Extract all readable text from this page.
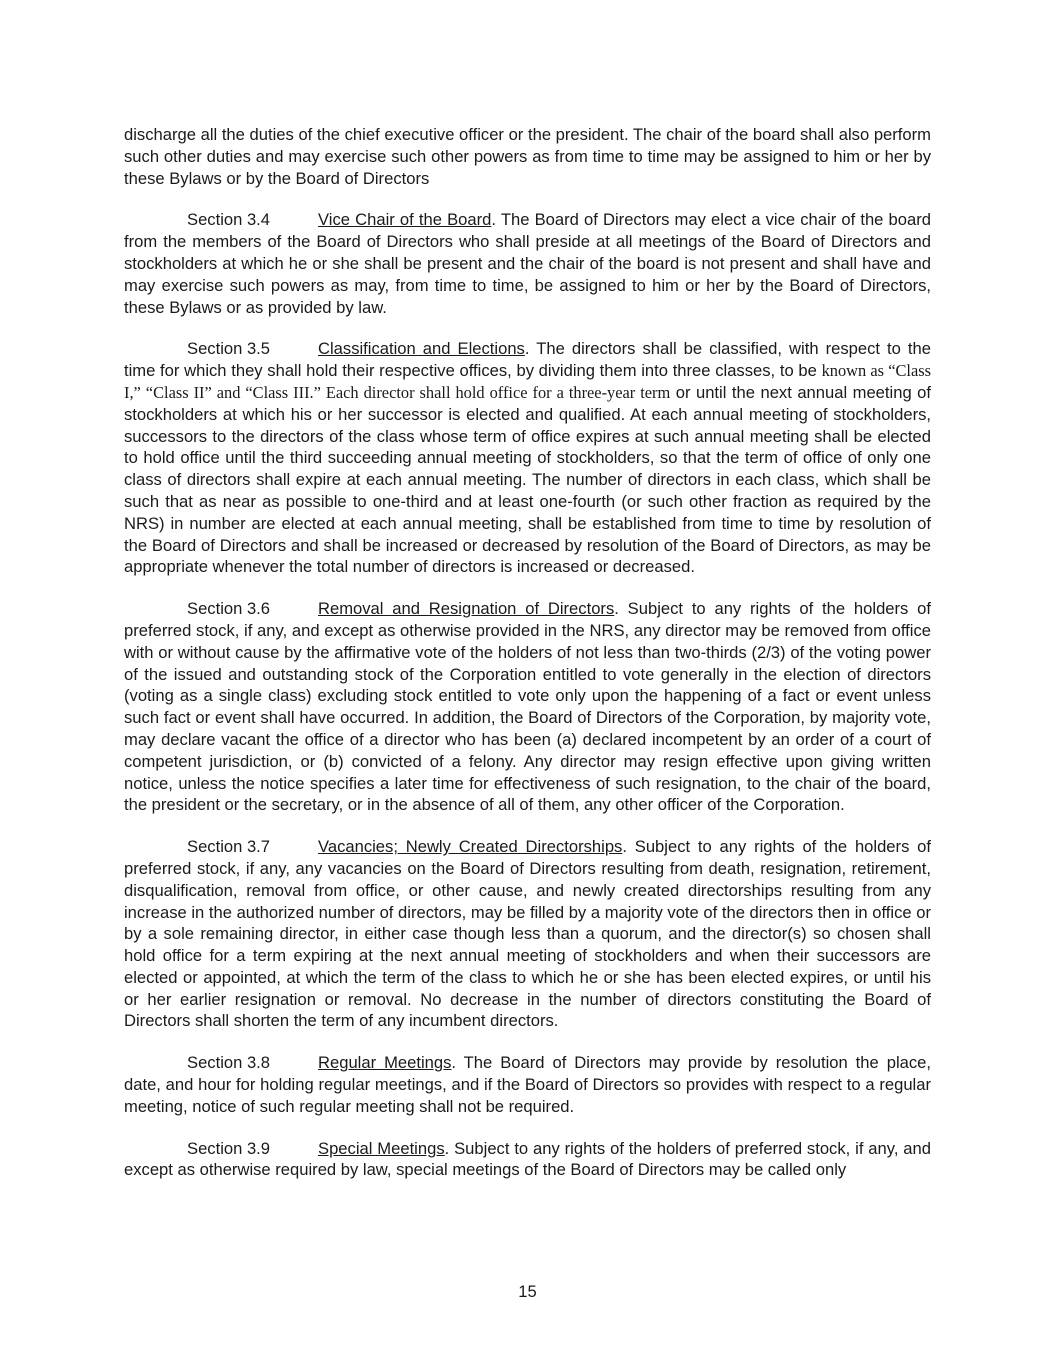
discharge all the duties of the chief executive officer or the president. The chair of the board shall also perform such other duties and may exercise such other powers as from time to time may be assigned to him or her by these Bylaws or by the Board of Directors

Section 3.4	Vice Chair of the Board. The Board of Directors may elect a vice chair of the board from the members of the Board of Directors who shall preside at all meetings of the Board of Directors and stockholders at which he or she shall be present and the chair of the board is not present and shall have and may exercise such powers as may, from time to time, be assigned to him or her by the Board of Directors, these Bylaws or as provided by law.

Section 3.5	Classification and Elections. The directors shall be classified, with respect to the time for which they shall hold their respective offices, by dividing them into three classes, to be known as “Class I,” “Class II” and “Class III.” Each director shall hold office for a three-year term or until the next annual meeting of stockholders at which his or her successor is elected and qualified. At each annual meeting of stockholders, successors to the directors of the class whose term of office expires at such annual meeting shall be elected to hold office until the third succeeding annual meeting of stockholders, so that the term of office of only one class of directors shall expire at each annual meeting. The number of directors in each class, which shall be such that as near as possible to one-third and at least one-fourth (or such other fraction as required by the NRS) in number are elected at each annual meeting, shall be established from time to time by resolution of the Board of Directors and shall be increased or decreased by resolution of the Board of Directors, as may be appropriate whenever the total number of directors is increased or decreased.

Section 3.6	Removal and Resignation of Directors. Subject to any rights of the holders of preferred stock, if any, and except as otherwise provided in the NRS, any director may be removed from office with or without cause by the affirmative vote of the holders of not less than two-thirds (2/3) of the voting power of the issued and outstanding stock of the Corporation entitled to vote generally in the election of directors (voting as a single class) excluding stock entitled to vote only upon the happening of a fact or event unless such fact or event shall have occurred. In addition, the Board of Directors of the Corporation, by majority vote, may declare vacant the office of a director who has been (a) declared incompetent by an order of a court of competent jurisdiction, or (b) convicted of a felony. Any director may resign effective upon giving written notice, unless the notice specifies a later time for effectiveness of such resignation, to the chair of the board, the president or the secretary, or in the absence of all of them, any other officer of the Corporation.

Section 3.7	Vacancies; Newly Created Directorships. Subject to any rights of the holders of preferred stock, if any, any vacancies on the Board of Directors resulting from death, resignation, retirement, disqualification, removal from office, or other cause, and newly created directorships resulting from any increase in the authorized number of directors, may be filled by a majority vote of the directors then in office or by a sole remaining director, in either case though less than a quorum, and the director(s) so chosen shall hold office for a term expiring at the next annual meeting of stockholders and when their successors are elected or appointed, at which the term of the class to which he or she has been elected expires, or until his or her earlier resignation or removal. No decrease in the number of directors constituting the Board of Directors shall shorten the term of any incumbent directors.

Section 3.8	Regular Meetings. The Board of Directors may provide by resolution the place, date, and hour for holding regular meetings, and if the Board of Directors so provides with respect to a regular meeting, notice of such regular meeting shall not be required.

Section 3.9	Special Meetings. Subject to any rights of the holders of preferred stock, if any, and except as otherwise required by law, special meetings of the Board of Directors may be called only

15
